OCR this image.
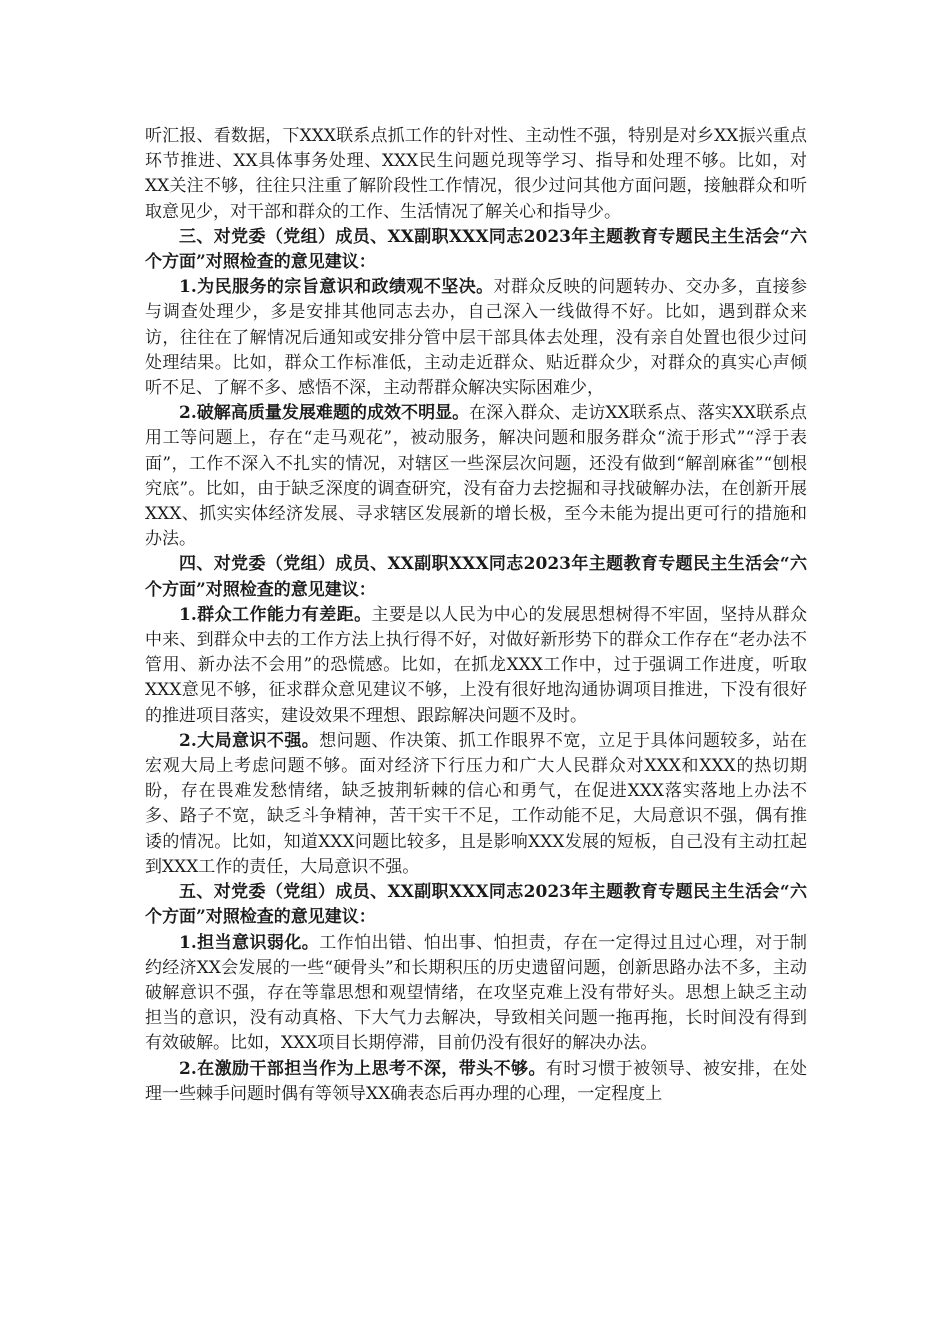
听汇报、看数据，下XXX联系点抓工作的针对性、主动性不强，特别是对乡XX振兴重点环节推进、XX具体事务处理、XXX民生问题兑现等学习、指导和处理不够。比如，对XX关注不够，往往只注重了解阶段性工作情况，很少过问其他方面问题，接触群众和听取意见少，对干部和群众的工作、生活情况了解关心和指导少。

三、对党委（党组）成员、XX副职XXX同志2023年主题教育专题民主生活会“六个方面”对照检查的意见建议：

1.为民服务的宗旨意识和政绩观不坚决。对群众反映的问题转办、交办多，直接参与调查处理少，多是安排其他同志去办，自己深入一线做得不好。比如，遇到群众来访，往往在了解情况后通知或安排分管中层干部具体去处理，没有亲自处置也很少过问处理结果。比如，群众工作标准低，主动走近群众、贴近群众少，对群众的真实心声倾听不足、了解不多、感悟不深，主动帮群众解决实际困难少，

2.破解高质量发展难题的成效不明显。在深入群众、走访XX联系点、落实XX联系点用工等问题上，存在“走马观花”，被动服务，解决问题和服务群众“流于形式”“浮于表面”，工作不深入不扎实的情况，对辖区一些深层次问题，还没有做到“解剖麻雀”“刨根究底”。比如，由于缺乏深度的调查研究，没有奋力去挖掘和寻找破解办法，在创新开展XXX、抓实实体经济发展、寻求辖区发展新的增长极，至今未能为提出更可行的措施和办法。

四、对党委（党组）成员、XX副职XXX同志2023年主题教育专题民主生活会“六个方面”对照检查的意见建议：

1.群众工作能力有差距。主要是以人民为中心的发展思想树得不牢固，坚持从群众中来、到群众中去的工作方法上执行得不好，对做好新形势下的群众工作存在“老办法不管用、新办法不会用”的恐慌感。比如，在抓龙XXX工作中，过于强调工作进度，听取XXX意见不够，征求群众意见建议不够，上没有很好地沟通协调项目推进，下没有很好的推进项目落实，建设效果不理想、跟踪解决问题不及时。

2.大局意识不强。想问题、作决策、抓工作眼界不宽，立足于具体问题较多，站在宏观大局上考虑问题不够。面对经济下行压力和广大人民群众对XXX和XXX的热切期盼，存在畏难发愁情绪，缺乏披荆斩棘的信心和勇气，在促进XXX落实落地上办法不多、路子不宽，缺乏斗争精神，苦干实干不足，工作动能不足，大局意识不强，偶有推诿的情况。比如，知道XXX问题比较多，且是影响XXX发展的短板，自己没有主动扛起到XXX工作的责任，大局意识不强。

五、对党委（党组）成员、XX副职XXX同志2023年主题教育专题民主生活会“六个方面”对照检查的意见建议：

1.担当意识弱化。工作怕出错、怕出事、怕担责，存在一定得过且过心理，对于制约经济XX会发展的一些“硬骨头”和长期积压的历史遗留问题，创新思路办法不多，主动破解意识不强，存在等靠思想和观望情绪，在攻坚克难上没有带好头。思想上缺乏主动担当的意识，没有动真格、下大气力去解决，导致相关问题一拖再拖，长时间没有得到有效破解。比如，XXX项目长期停滞，目前仍没有很好的解决办法。

2.在激励干部担当作为上思考不深，带头不够。有时习惯于被领导、被安排，在处理一些棘手问题时偶有等领导XX确表态后再办理的心理，一定程度上
